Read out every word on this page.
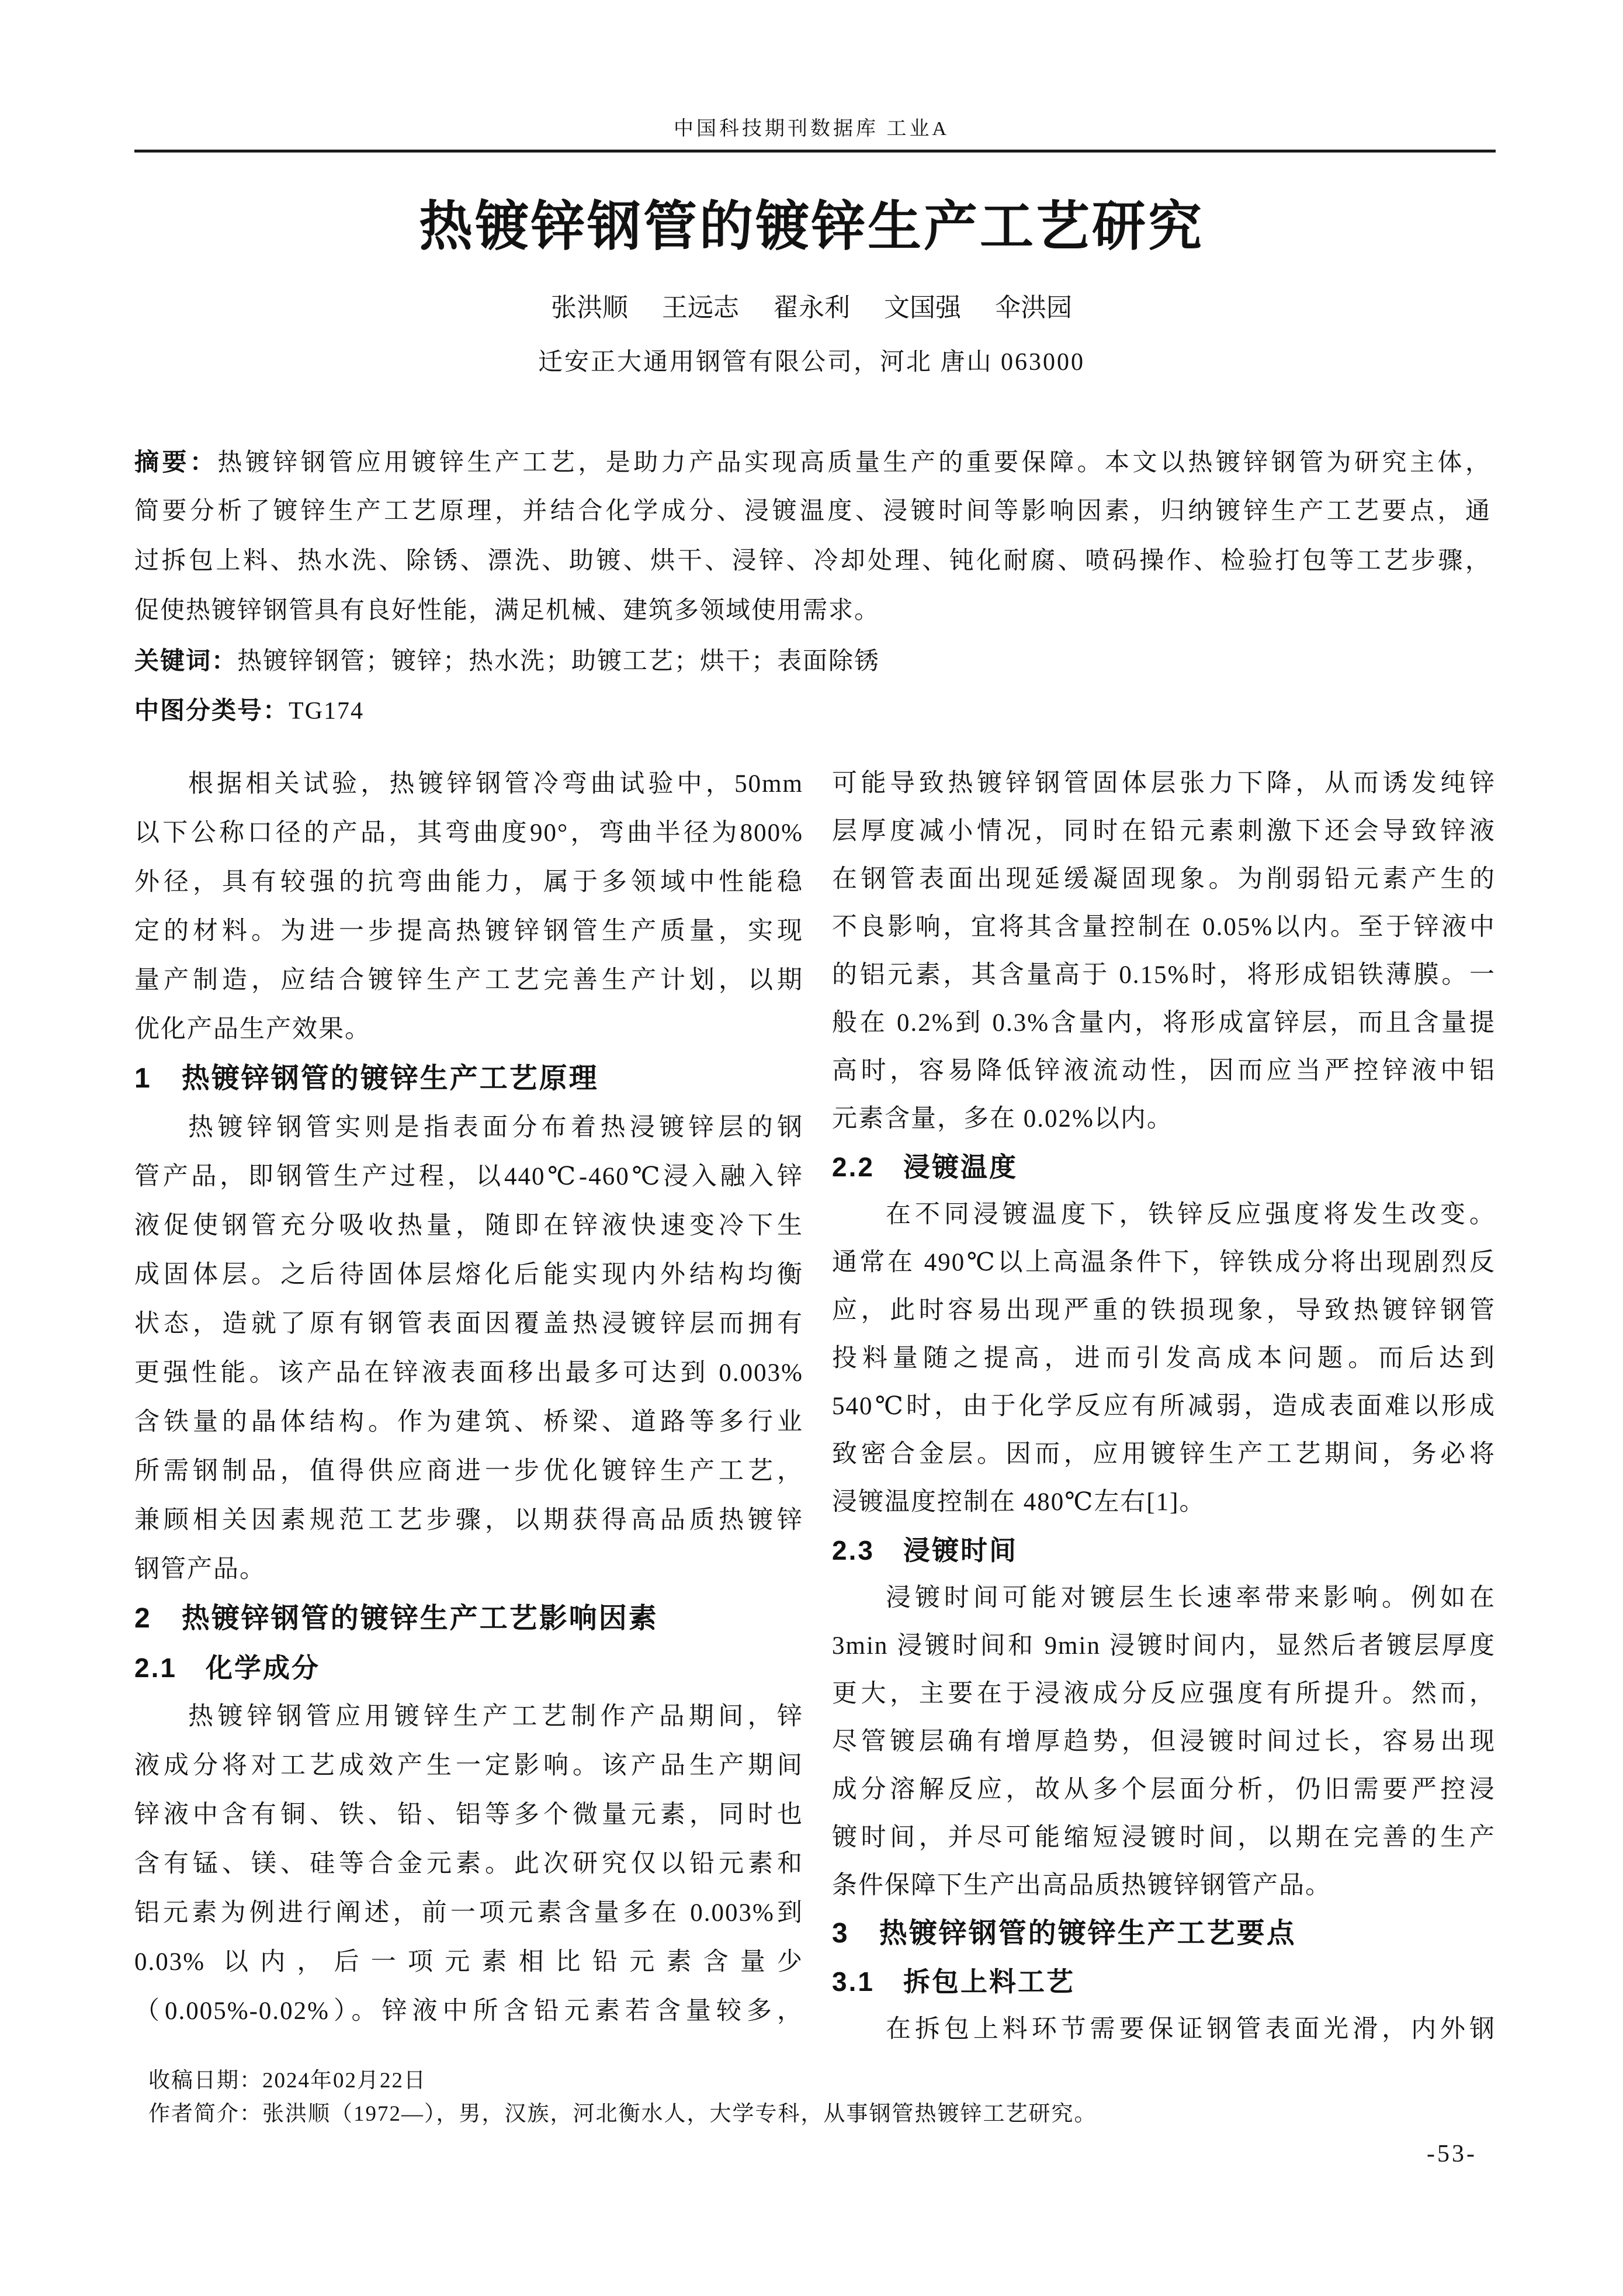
中国科技期刊数据库 工业A
热镀锌钢管的镀锌生产工艺研究
张洪顺 王远志 翟永利 文国强 伞洪园
迁安正大通用钢管有限公司，河北 唐山 063000
摘要：热镀锌钢管应用镀锌生产工艺，是助力产品实现高质量生产的重要保障。本文以热镀锌钢管为研究主体，
简要分析了镀锌生产工艺原理，并结合化学成分、浸镀温度、浸镀时间等影响因素，归纳镀锌生产工艺要点，通
过拆包上料、热水洗、除锈、漂洗、助镀、烘干、浸锌、冷却处理、钝化耐腐、喷码操作、检验打包等工艺步骤，
促使热镀锌钢管具有良好性能，满足机械、建筑多领域使用需求。
关键词：热镀锌钢管；镀锌；热水洗；助镀工艺；烘干；表面除锈
中图分类号：TG174
根据相关试验，热镀锌钢管冷弯曲试验中，50mm
以下公称口径的产品，其弯曲度90°，弯曲半径为800%
外径，具有较强的抗弯曲能力，属于多领域中性能稳
定的材料。为进一步提高热镀锌钢管生产质量，实现
量产制造，应结合镀锌生产工艺完善生产计划，以期
优化产品生产效果。
1　热镀锌钢管的镀锌生产工艺原理
热镀锌钢管实则是指表面分布着热浸镀锌层的钢
管产品，即钢管生产过程，以440℃-460℃浸入融入锌
液促使钢管充分吸收热量，随即在锌液快速变冷下生
成固体层。之后待固体层熔化后能实现内外结构均衡
状态，造就了原有钢管表面因覆盖热浸镀锌层而拥有
更强性能。该产品在锌液表面移出最多可达到 0.003%
含铁量的晶体结构。作为建筑、桥梁、道路等多行业
所需钢制品，值得供应商进一步优化镀锌生产工艺，
兼顾相关因素规范工艺步骤，以期获得高品质热镀锌
钢管产品。
2　热镀锌钢管的镀锌生产工艺影响因素
2.1　化学成分
热镀锌钢管应用镀锌生产工艺制作产品期间，锌
液成分将对工艺成效产生一定影响。该产品生产期间
锌液中含有铜、铁、铅、铝等多个微量元素，同时也
含有锰、镁、硅等合金元素。此次研究仅以铅元素和
铝元素为例进行阐述，前一项元素含量多在 0.003%到
0.03% 以内，后一项元素相比铅元素含量少
（0.005%-0.02%）。锌液中所含铅元素若含量较多，
可能导致热镀锌钢管固体层张力下降，从而诱发纯锌
层厚度减小情况，同时在铅元素刺激下还会导致锌液
在钢管表面出现延缓凝固现象。为削弱铅元素产生的
不良影响，宜将其含量控制在 0.05%以内。至于锌液中
的铝元素，其含量高于 0.15%时，将形成铝铁薄膜。一
般在 0.2%到 0.3%含量内，将形成富锌层，而且含量提
高时，容易降低锌液流动性，因而应当严控锌液中铝
元素含量，多在 0.02%以内。
2.2　浸镀温度
在不同浸镀温度下，铁锌反应强度将发生改变。
通常在 490℃以上高温条件下，锌铁成分将出现剧烈反
应，此时容易出现严重的铁损现象，导致热镀锌钢管
投料量随之提高，进而引发高成本问题。而后达到
540℃时，由于化学反应有所减弱，造成表面难以形成
致密合金层。因而，应用镀锌生产工艺期间，务必将
浸镀温度控制在 480℃左右[1]。
2.3　浸镀时间
浸镀时间可能对镀层生长速率带来影响。例如在
3min 浸镀时间和 9min 浸镀时间内，显然后者镀层厚度
更大，主要在于浸液成分反应强度有所提升。然而，
尽管镀层确有增厚趋势，但浸镀时间过长，容易出现
成分溶解反应，故从多个层面分析，仍旧需要严控浸
镀时间，并尽可能缩短浸镀时间，以期在完善的生产
条件保障下生产出高品质热镀锌钢管产品。
3　热镀锌钢管的镀锌生产工艺要点
3.1　拆包上料工艺
在拆包上料环节需要保证钢管表面光滑，内外钢
收稿日期：2024年02月22日
作者简介：张洪顺（1972—），男，汉族，河北衡水人，大学专科，从事钢管热镀锌工艺研究。
-53-
